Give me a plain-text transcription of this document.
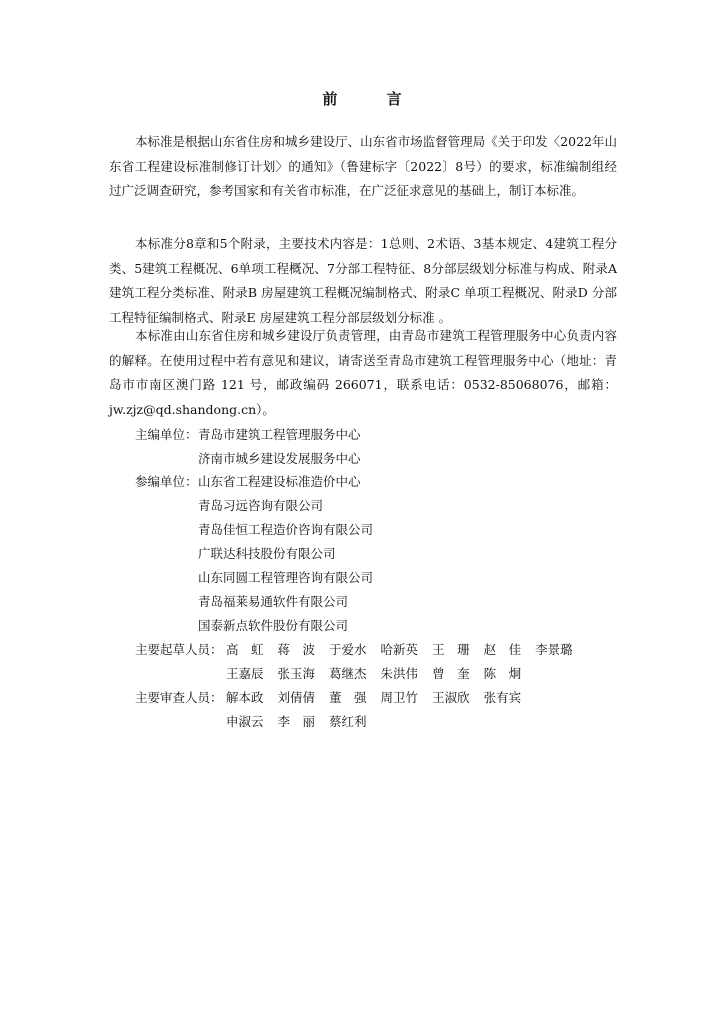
前 言

本标准是根据山东省住房和城乡建设厅、山东省市场监督管理局《关于印发〈2022年山东省工程建设标准制修订计划〉的通知》（鲁建标字〔2022〕8号）的要求，标准编制组经过广泛调查研究，参考国家和有关省市标准，在广泛征求意见的基础上，制订本标准。

本标准分8章和5个附录，主要技术内容是：1总则、2术语、3基本规定、4建筑工程分类、5建筑工程概况、6单项工程概况、7分部工程特征、8分部层级划分标准与构成、附录A 建筑工程分类标准、附录B 房屋建筑工程概况编制格式、附录C 单项工程概况、附录D 分部工程特征编制格式、附录E 房屋建筑工程分部层级划分标准 。

本标准由山东省住房和城乡建设厅负责管理，由青岛市建筑工程管理服务中心负责内容的解释。在使用过程中若有意见和建议，请寄送至青岛市建筑工程管理服务中心（地址：青岛市市南区澳门路 121 号，邮政编码 266071，联系电话：0532-85068076，邮箱：jw.zjz@qd.shandong.cn）。

主编单位： 青岛市建筑工程管理服务中心
济南市城乡建设发展服务中心
参编单位： 山东省工程建设标准造价中心
青岛习远咨询有限公司
青岛佳恒工程造价咨询有限公司
广联达科技股份有限公司
山东同圆工程管理咨询有限公司
青岛福莱易通软件有限公司
国泰新点软件股份有限公司
主要起草人员： 高　虹 蒋　波 于爱水 哈新英 王　珊 赵　佳 李景璐
王嘉辰 张玉海 葛继杰 朱洪伟 曾　奎 陈　炯
主要审查人员： 解本政 刘倩倩 董　强 周卫竹 王淑欣 张有宾
申淑云 李　丽 蔡红利
